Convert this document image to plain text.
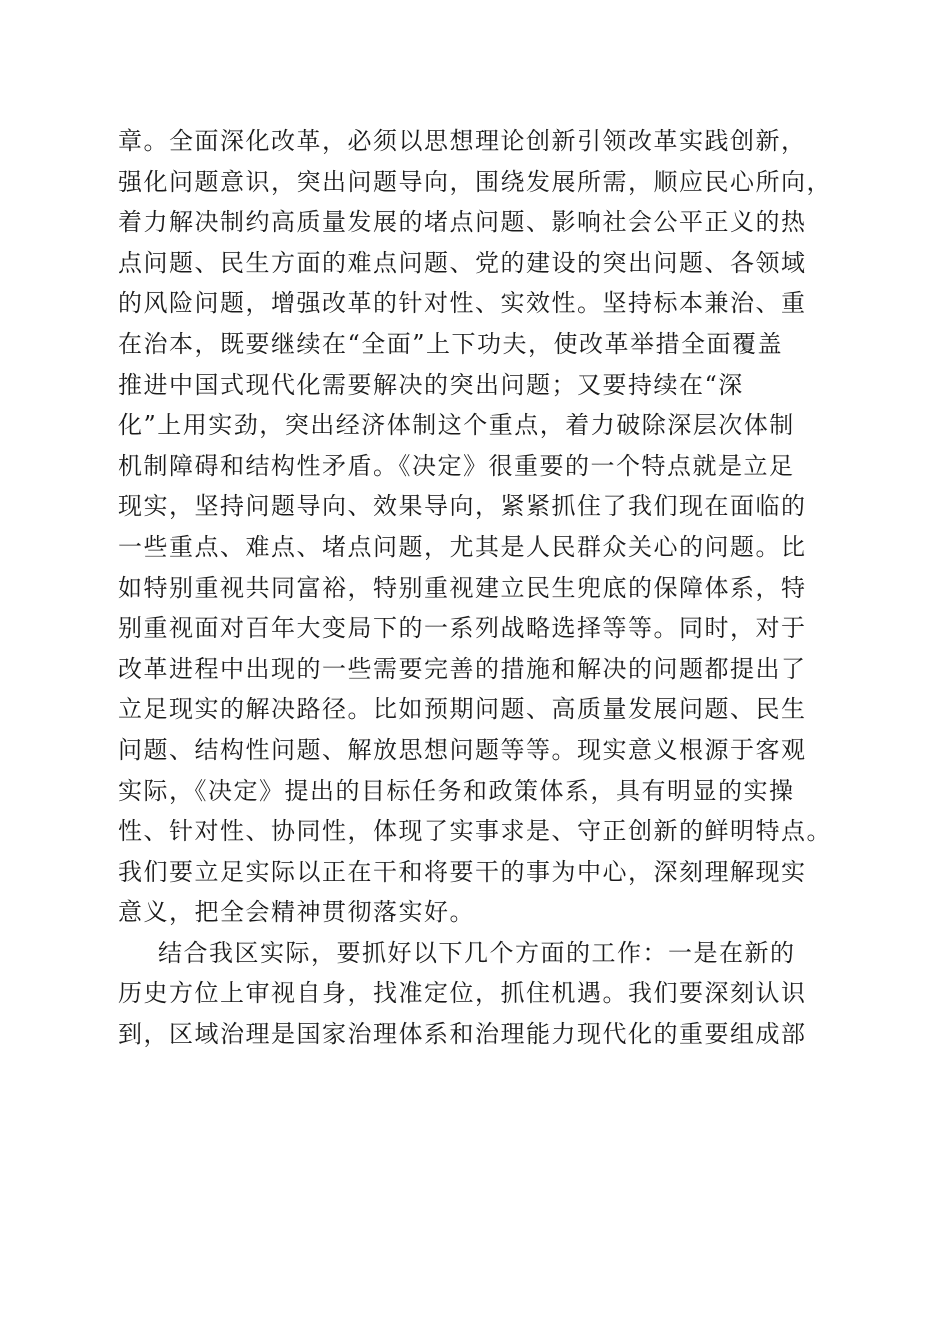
章。全面深化改革，必须以思想理论创新引领改革实践创新，
强化问题意识，突出问题导向，围绕发展所需，顺应民心所向，
着力解决制约高质量发展的堵点问题、影响社会公平正义的热
点问题、民生方面的难点问题、党的建设的突出问题、各领域
的风险问题，增强改革的针对性、实效性。坚持标本兼治、重
在治本，既要继续在“全面”上下功夫，使改革举措全面覆盖
推进中国式现代化需要解决的突出问题；又要持续在“深
化”上用实劲，突出经济体制这个重点，着力破除深层次体制
机制障碍和结构性矛盾。《决定》很重要的一个特点就是立足
现实，坚持问题导向、效果导向，紧紧抓住了我们现在面临的
一些重点、难点、堵点问题，尤其是人民群众关心的问题。比
如特别重视共同富裕，特别重视建立民生兜底的保障体系，特
别重视面对百年大变局下的一系列战略选择等等。同时，对于
改革进程中出现的一些需要完善的措施和解决的问题都提出了
立足现实的解决路径。比如预期问题、高质量发展问题、民生
问题、结构性问题、解放思想问题等等。现实意义根源于客观
实际，《决定》提出的目标任务和政策体系，具有明显的实操
性、针对性、协同性，体现了实事求是、守正创新的鲜明特点。
我们要立足实际以正在干和将要干的事为中心，深刻理解现实
意义，把全会精神贯彻落实好。
结合我区实际，要抓好以下几个方面的工作：一是在新的
历史方位上审视自身，找准定位，抓住机遇。我们要深刻认识
到，区域治理是国家治理体系和治理能力现代化的重要组成部
